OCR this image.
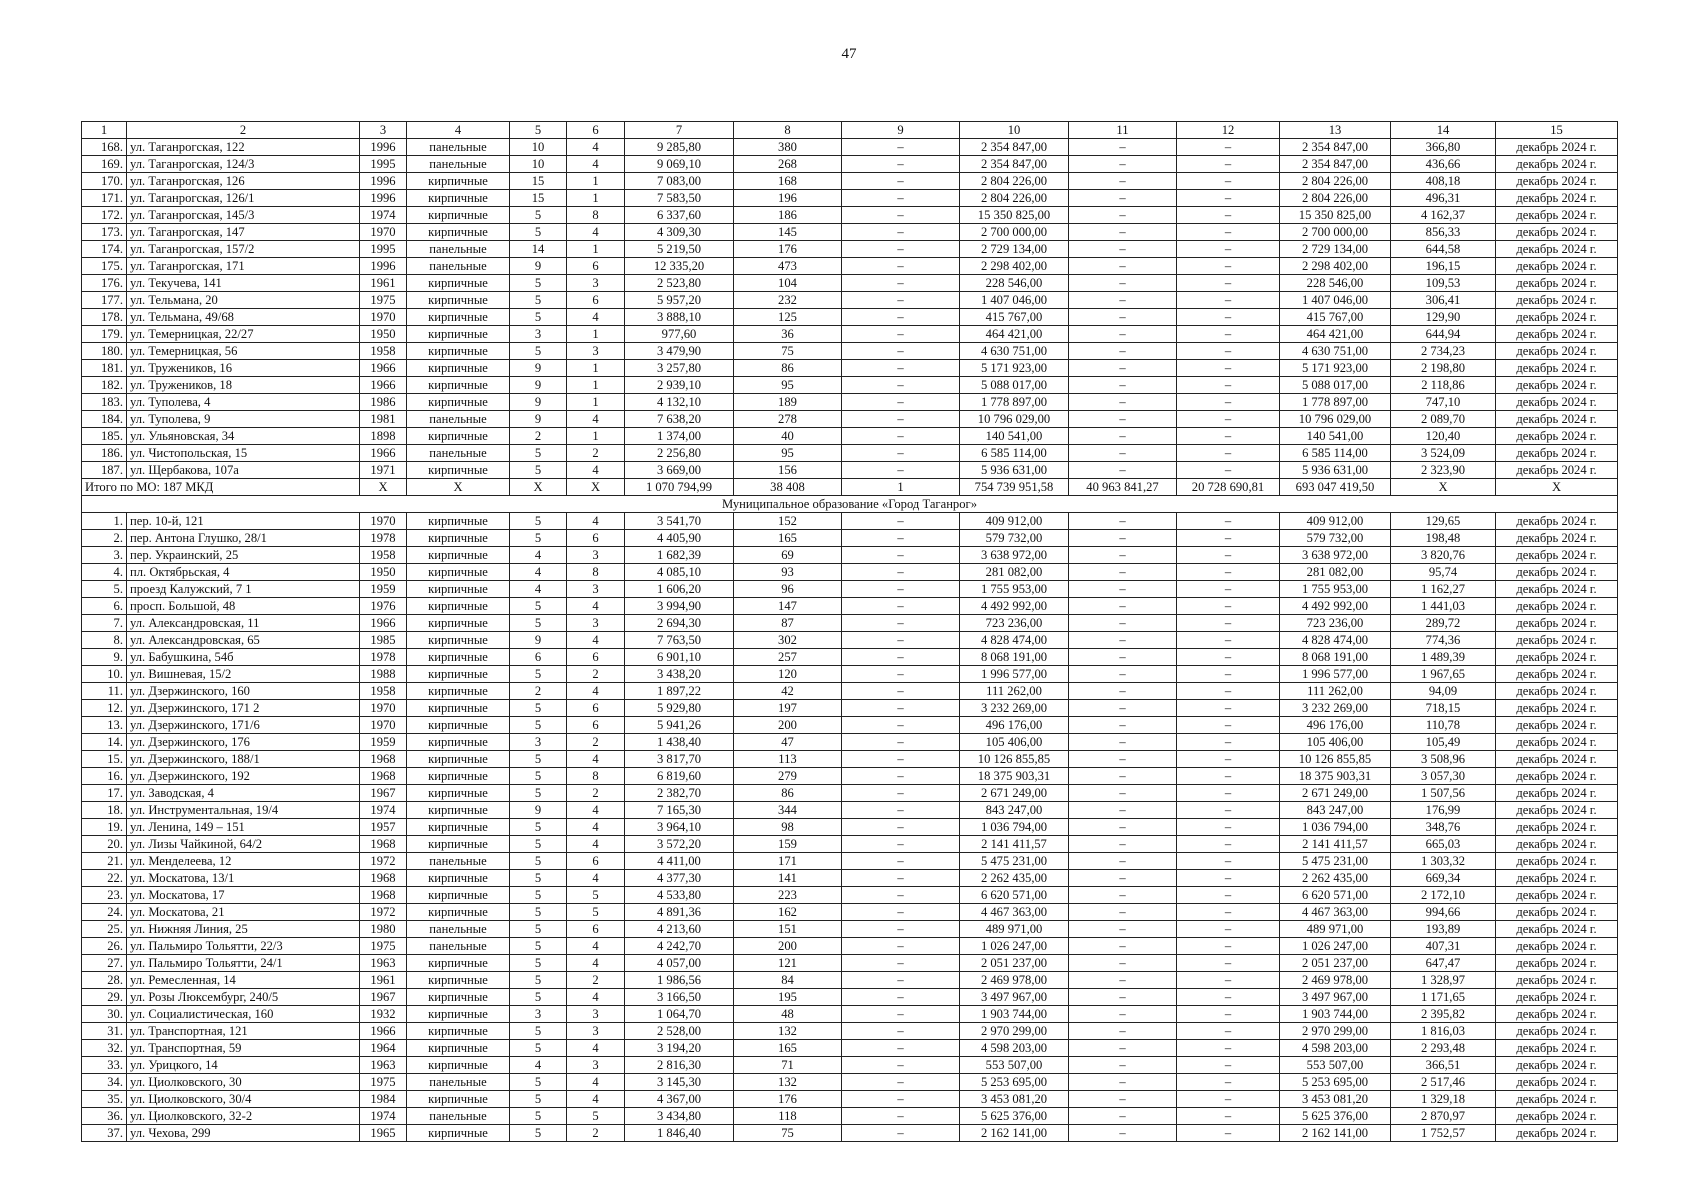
47
1	2	3	4	5	6	7	8	9	10	11	12	13	14	15
168.	ул. Таганрогская, 122	1996	панельные	10	4	9 285,80	380	–	2 354 847,00	–	–	2 354 847,00	366,80	декабрь 2024 г.
169.	ул. Таганрогская, 124/3	1995	панельные	10	4	9 069,10	268	–	2 354 847,00	–	–	2 354 847,00	436,66	декабрь 2024 г.
170.	ул. Таганрогская, 126	1996	кирпичные	15	1	7 083,00	168	–	2 804 226,00	–	–	2 804 226,00	408,18	декабрь 2024 г.
171.	ул. Таганрогская, 126/1	1996	кирпичные	15	1	7 583,50	196	–	2 804 226,00	–	–	2 804 226,00	496,31	декабрь 2024 г.
172.	ул. Таганрогская, 145/3	1974	кирпичные	5	8	6 337,60	186	–	15 350 825,00	–	–	15 350 825,00	4 162,37	декабрь 2024 г.
173.	ул. Таганрогская, 147	1970	кирпичные	5	4	4 309,30	145	–	2 700 000,00	–	–	2 700 000,00	856,33	декабрь 2024 г.
174.	ул. Таганрогская, 157/2	1995	панельные	14	1	5 219,50	176	–	2 729 134,00	–	–	2 729 134,00	644,58	декабрь 2024 г.
175.	ул. Таганрогская, 171	1996	панельные	9	6	12 335,20	473	–	2 298 402,00	–	–	2 298 402,00	196,15	декабрь 2024 г.
176.	ул. Текучева, 141	1961	кирпичные	5	3	2 523,80	104	–	228 546,00	–	–	228 546,00	109,53	декабрь 2024 г.
177.	ул. Тельмана, 20	1975	кирпичные	5	6	5 957,20	232	–	1 407 046,00	–	–	1 407 046,00	306,41	декабрь 2024 г.
178.	ул. Тельмана, 49/68	1970	кирпичные	5	4	3 888,10	125	–	415 767,00	–	–	415 767,00	129,90	декабрь 2024 г.
179.	ул. Темерницкая, 22/27	1950	кирпичные	3	1	977,60	36	–	464 421,00	–	–	464 421,00	644,94	декабрь 2024 г.
180.	ул. Темерницкая, 56	1958	кирпичные	5	3	3 479,90	75	–	4 630 751,00	–	–	4 630 751,00	2 734,23	декабрь 2024 г.
181.	ул. Тружеников, 16	1966	кирпичные	9	1	3 257,80	86	–	5 171 923,00	–	–	5 171 923,00	2 198,80	декабрь 2024 г.
182.	ул. Тружеников, 18	1966	кирпичные	9	1	2 939,10	95	–	5 088 017,00	–	–	5 088 017,00	2 118,86	декабрь 2024 г.
183.	ул. Туполева, 4	1986	кирпичные	9	1	4 132,10	189	–	1 778 897,00	–	–	1 778 897,00	747,10	декабрь 2024 г.
184.	ул. Туполева, 9	1981	панельные	9	4	7 638,20	278	–	10 796 029,00	–	–	10 796 029,00	2 089,70	декабрь 2024 г.
185.	ул. Ульяновская, 34	1898	кирпичные	2	1	1 374,00	40	–	140 541,00	–	–	140 541,00	120,40	декабрь 2024 г.
186.	ул. Чистопольская, 15	1966	панельные	5	2	2 256,80	95	–	6 585 114,00	–	–	6 585 114,00	3 524,09	декабрь 2024 г.
187.	ул. Щербакова, 107а	1971	кирпичные	5	4	3 669,00	156	–	5 936 631,00	–	–	5 936 631,00	2 323,90	декабрь 2024 г.
Итого по МО: 187 МКД		X	X	X	X	1 070 794,99	38 408	1	754 739 951,58	40 963 841,27	20 728 690,81	693 047 419,50	X	X
Муниципальное образование «Город Таганрог»														
1.	пер. 10-й, 121	1970	кирпичные	5	4	3 541,70	152	–	409 912,00	–	–	409 912,00	129,65	декабрь 2024 г.
2.	пер. Антона Глушко, 28/1	1978	кирпичные	5	6	4 405,90	165	–	579 732,00	–	–	579 732,00	198,48	декабрь 2024 г.
3.	пер. Украинский, 25	1958	кирпичные	4	3	1 682,39	69	–	3 638 972,00	–	–	3 638 972,00	3 820,76	декабрь 2024 г.
4.	пл. Октябрьская, 4	1950	кирпичные	4	8	4 085,10	93	–	281 082,00	–	–	281 082,00	95,74	декабрь 2024 г.
5.	проезд Калужский, 7 1	1959	кирпичные	4	3	1 606,20	96	–	1 755 953,00	–	–	1 755 953,00	1 162,27	декабрь 2024 г.
6.	просп. Большой, 48	1976	кирпичные	5	4	3 994,90	147	–	4 492 992,00	–	–	4 492 992,00	1 441,03	декабрь 2024 г.
7.	ул. Александровская, 11	1966	кирпичные	5	3	2 694,30	87	–	723 236,00	–	–	723 236,00	289,72	декабрь 2024 г.
8.	ул. Александровская, 65	1985	кирпичные	9	4	7 763,50	302	–	4 828 474,00	–	–	4 828 474,00	774,36	декабрь 2024 г.
9.	ул. Бабушкина, 54б	1978	кирпичные	6	6	6 901,10	257	–	8 068 191,00	–	–	8 068 191,00	1 489,39	декабрь 2024 г.
10.	ул. Вишневая, 15/2	1988	кирпичные	5	2	3 438,20	120	–	1 996 577,00	–	–	1 996 577,00	1 967,65	декабрь 2024 г.
11.	ул. Дзержинского, 160	1958	кирпичные	2	4	1 897,22	42	–	111 262,00	–	–	111 262,00	94,09	декабрь 2024 г.
12.	ул. Дзержинского, 171 2	1970	кирпичные	5	6	5 929,80	197	–	3 232 269,00	–	–	3 232 269,00	718,15	декабрь 2024 г.
13.	ул. Дзержинского, 171/6	1970	кирпичные	5	6	5 941,26	200	–	496 176,00	–	–	496 176,00	110,78	декабрь 2024 г.
14.	ул. Дзержинского, 176	1959	кирпичные	3	2	1 438,40	47	–	105 406,00	–	–	105 406,00	105,49	декабрь 2024 г.
15.	ул. Дзержинского, 188/1	1968	кирпичные	5	4	3 817,70	113	–	10 126 855,85	–	–	10 126 855,85	3 508,96	декабрь 2024 г.
16.	ул. Дзержинского, 192	1968	кирпичные	5	8	6 819,60	279	–	18 375 903,31	–	–	18 375 903,31	3 057,30	декабрь 2024 г.
17.	ул. Заводская, 4	1967	кирпичные	5	2	2 382,70	86	–	2 671 249,00	–	–	2 671 249,00	1 507,56	декабрь 2024 г.
18.	ул. Инструментальная, 19/4	1974	кирпичные	9	4	7 165,30	344	–	843 247,00	–	–	843 247,00	176,99	декабрь 2024 г.
19.	ул. Ленина, 149 – 151	1957	кирпичные	5	4	3 964,10	98	–	1 036 794,00	–	–	1 036 794,00	348,76	декабрь 2024 г.
20.	ул. Лизы Чайкиной, 64/2	1968	кирпичные	5	4	3 572,20	159	–	2 141 411,57	–	–	2 141 411,57	665,03	декабрь 2024 г.
21.	ул. Менделеева, 12	1972	панельные	5	6	4 411,00	171	–	5 475 231,00	–	–	5 475 231,00	1 303,32	декабрь 2024 г.
22.	ул. Москатова, 13/1	1968	кирпичные	5	4	4 377,30	141	–	2 262 435,00	–	–	2 262 435,00	669,34	декабрь 2024 г.
23.	ул. Москатова, 17	1968	кирпичные	5	5	4 533,80	223	–	6 620 571,00	–	–	6 620 571,00	2 172,10	декабрь 2024 г.
24.	ул. Москатова, 21	1972	кирпичные	5	5	4 891,36	162	–	4 467 363,00	–	–	4 467 363,00	994,66	декабрь 2024 г.
25.	ул. Нижняя Линия, 25	1980	панельные	5	6	4 213,60	151	–	489 971,00	–	–	489 971,00	193,89	декабрь 2024 г.
26.	ул. Пальмиро Тольятти, 22/3	1975	панельные	5	4	4 242,70	200	–	1 026 247,00	–	–	1 026 247,00	407,31	декабрь 2024 г.
27.	ул. Пальмиро Тольятти, 24/1	1963	кирпичные	5	4	4 057,00	121	–	2 051 237,00	–	–	2 051 237,00	647,47	декабрь 2024 г.
28.	ул. Ремесленная, 14	1961	кирпичные	5	2	1 986,56	84	–	2 469 978,00	–	–	2 469 978,00	1 328,97	декабрь 2024 г.
29.	ул. Розы Люксембург, 240/5	1967	кирпичные	5	4	3 166,50	195	–	3 497 967,00	–	–	3 497 967,00	1 171,65	декабрь 2024 г.
30.	ул. Социалистическая, 160	1932	кирпичные	3	3	1 064,70	48	–	1 903 744,00	–	–	1 903 744,00	2 395,82	декабрь 2024 г.
31.	ул. Транспортная, 121	1966	кирпичные	5	3	2 528,00	132	–	2 970 299,00	–	–	2 970 299,00	1 816,03	декабрь 2024 г.
32.	ул. Транспортная, 59	1964	кирпичные	5	4	3 194,20	165	–	4 598 203,00	–	–	4 598 203,00	2 293,48	декабрь 2024 г.
33.	ул. Урицкого, 14	1963	кирпичные	4	3	2 816,30	71	–	553 507,00	–	–	553 507,00	366,51	декабрь 2024 г.
34.	ул. Циолковского, 30	1975	панельные	5	4	3 145,30	132	–	5 253 695,00	–	–	5 253 695,00	2 517,46	декабрь 2024 г.
35.	ул. Циолковского, 30/4	1984	кирпичные	5	4	4 367,00	176	–	3 453 081,20	–	–	3 453 081,20	1 329,18	декабрь 2024 г.
36.	ул. Циолковского, 32-2	1974	панельные	5	5	3 434,80	118	–	5 625 376,00	–	–	5 625 376,00	2 870,97	декабрь 2024 г.
37.	ул. Чехова, 299	1965	кирпичные	5	2	1 846,40	75	–	2 162 141,00	–	–	2 162 141,00	1 752,57	декабрь 2024 г.
